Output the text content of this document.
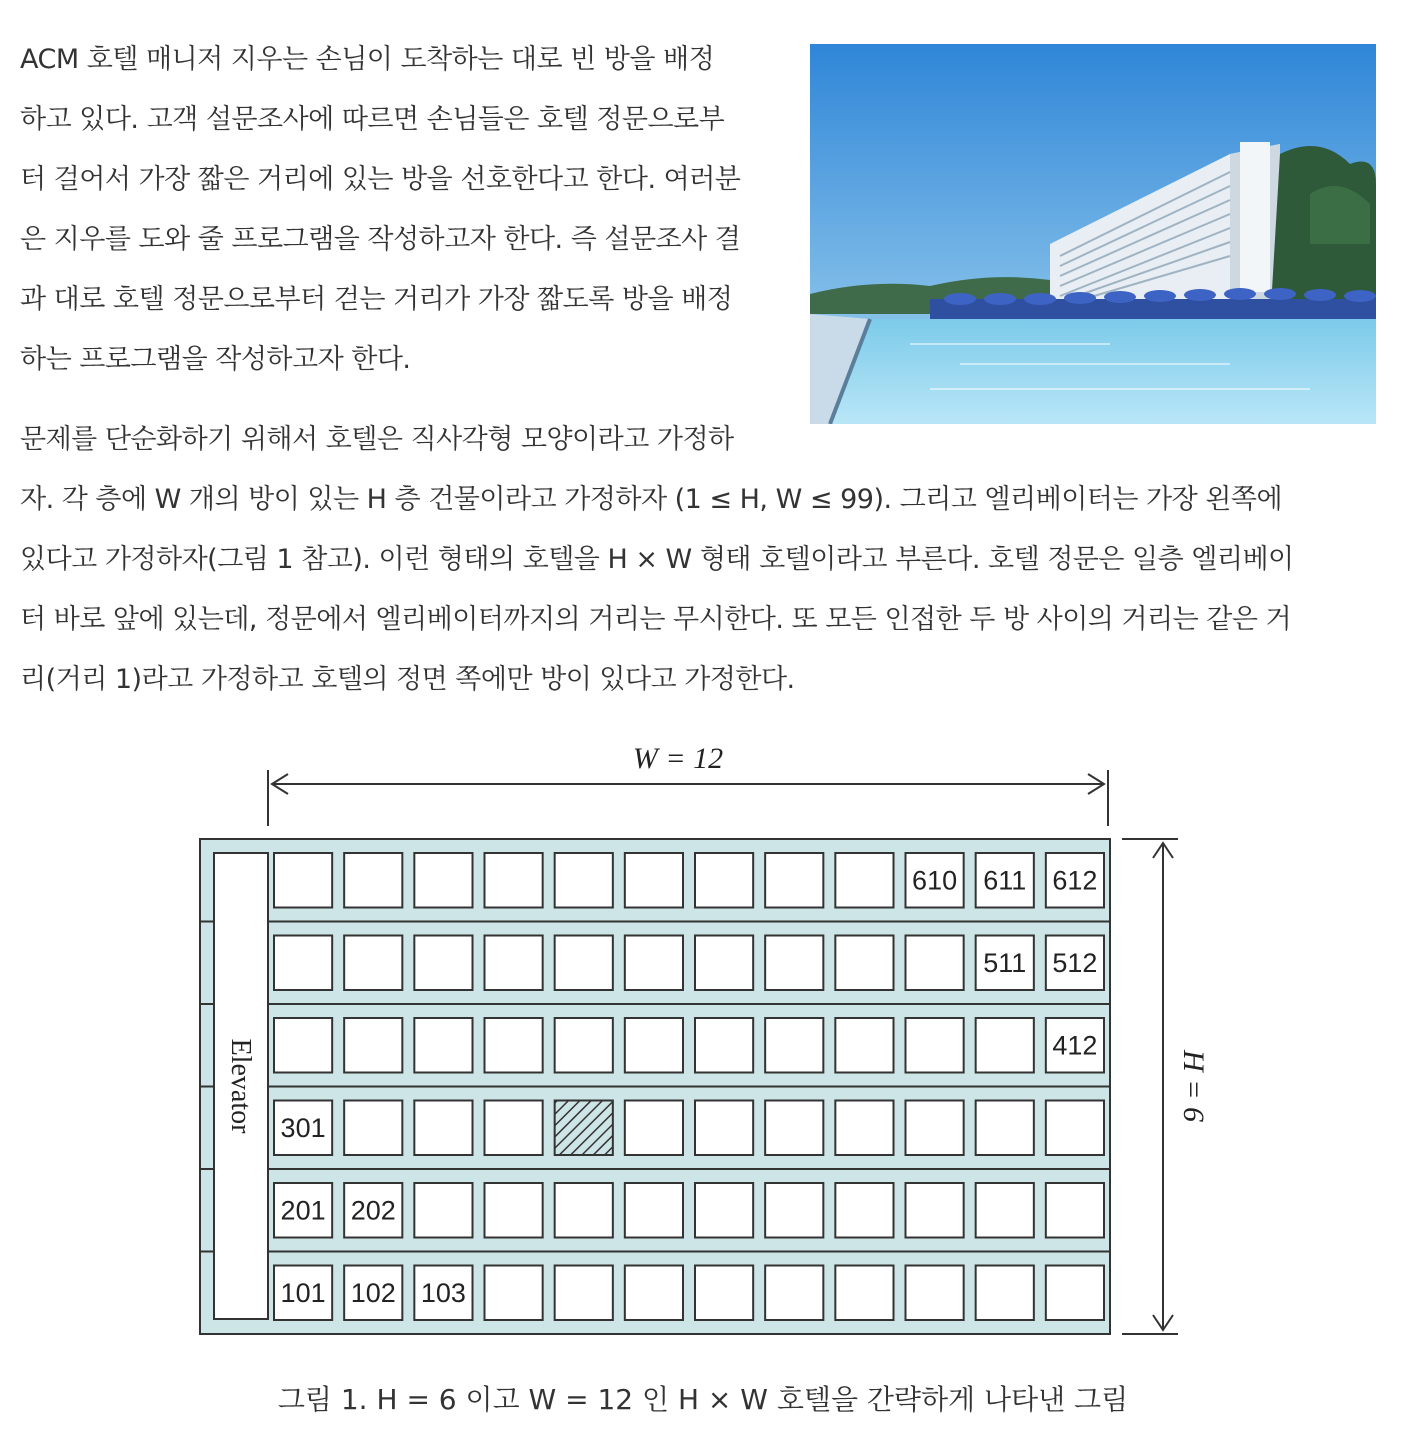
ACM 호텔 매니저 지우는 손님이 도착하는 대로 빈 방을 배정
하고 있다. 고객 설문조사에 따르면 손님들은 호텔 정문으로부
터 걸어서 가장 짧은 거리에 있는 방을 선호한다고 한다. 여러분
은 지우를 도와 줄 프로그램을 작성하고자 한다. 즉 설문조사 결
과 대로 호텔 정문으로부터 걷는 거리가 가장 짧도록 방을 배정
하는 프로그램을 작성하고자 한다.
문제를 단순화하기 위해서 호텔은 직사각형 모양이라고 가정하
자. 각 층에 W 개의 방이 있는 H 층 건물이라고 가정하자 (1 ≤ H, W ≤ 99). 그리고 엘리베이터는 가장 왼쪽에
있다고 가정하자(그림 1 참고). 이런 형태의 호텔을 H × W 형태 호텔이라고 부른다. 호텔 정문은 일층 엘리베이
터 바로 앞에 있는데, 정문에서 엘리베이터까지의 거리는 무시한다. 또 모든 인접한 두 방 사이의 거리는 같은 거
리(거리 1)라고 가정하고 호텔의 정면 쪽에만 방이 있다고 가정한다.
W = 12
Elevator
610 611 612
511 512
412
301
201 202
101 102 103
H = 6
그림 1. H = 6 이고 W = 12 인 H × W 호텔을 간략하게 나타낸 그림
